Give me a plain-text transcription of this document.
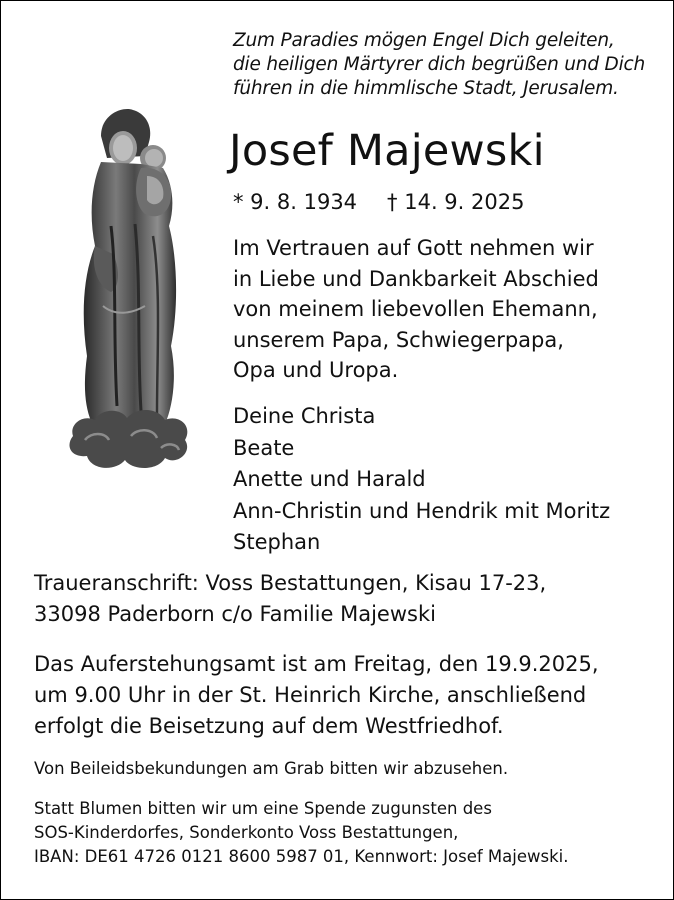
Zum Paradies mögen Engel Dich geleiten,
die heiligen Märtyrer dich begrüßen und Dich
führen in die himmlische Stadt, Jerusalem.
Josef Majewski
* 9. 8. 1934 † 14. 9. 2025
Im Vertrauen auf Gott nehmen wir
in Liebe und Dankbarkeit Abschied
von meinem liebevollen Ehemann,
unserem Papa, Schwiegerpapa,
Opa und Uropa.
Deine Christa
Beate
Anette und Harald
Ann-Christin und Hendrik mit Moritz
Stephan
Traueranschrift: Voss Bestattungen, Kisau 17-23,
33098 Paderborn c/o Familie Majewski
Das Auferstehungsamt ist am Freitag, den 19.9.2025,
um 9.00 Uhr in der St. Heinrich Kirche, anschließend
erfolgt die Beisetzung auf dem Westfriedhof.
Von Beileidsbekundungen am Grab bitten wir abzusehen.
Statt Blumen bitten wir um eine Spende zugunsten des
SOS-Kinderdorfes, Sonderkonto Voss Bestattungen,
IBAN: DE61 4726 0121 8600 5987 01, Kennwort: Josef Majewski.
